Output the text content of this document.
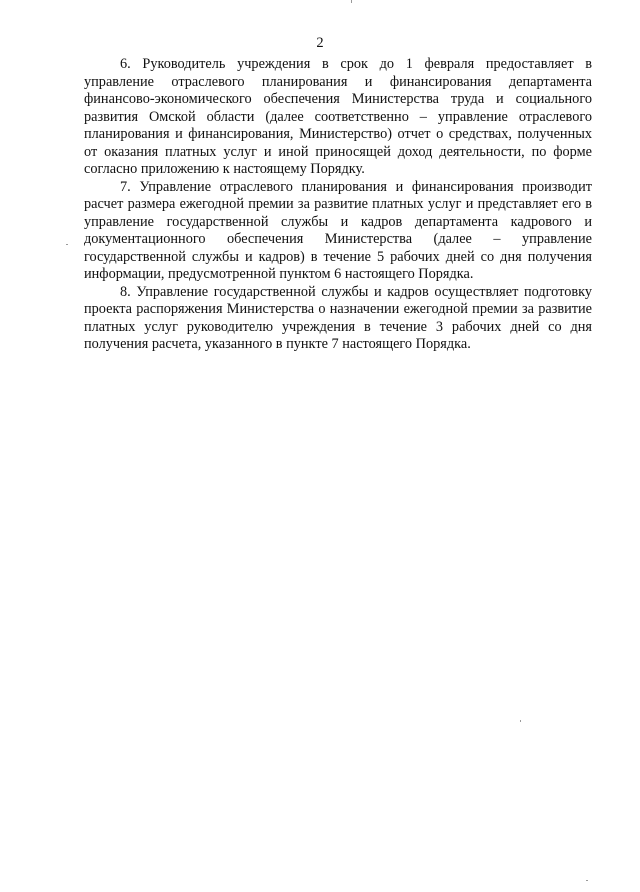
2

6. Руководитель учреждения в срок до 1 февраля предоставляет в управление отраслевого планирования и финансирования департамента финансово-экономического обеспечения Министерства труда и социального развития Омской области (далее соответственно – управление отраслевого планирования и финансирования, Министерство) отчет о средствах, полученных от оказания платных услуг и иной приносящей доход деятельности, по форме согласно приложению к настоящему Порядку.

7. Управление отраслевого планирования и финансирования производит расчет размера ежегодной премии за развитие платных услуг и представляет его в управление государственной службы и кадров департамента кадрового и документационного обеспечения Министерства (далее – управление государственной службы и кадров) в течение 5 рабочих дней со дня получения информации, предусмотренной пунктом 6 настоящего Порядка.

8. Управление государственной службы и кадров осуществляет подготовку проекта распоряжения Министерства о назначении ежегодной премии за развитие платных услуг руководителю учреждения в течение 3 рабочих дней со дня получения расчета, указанного в пункте 7 настоящего Порядка.
